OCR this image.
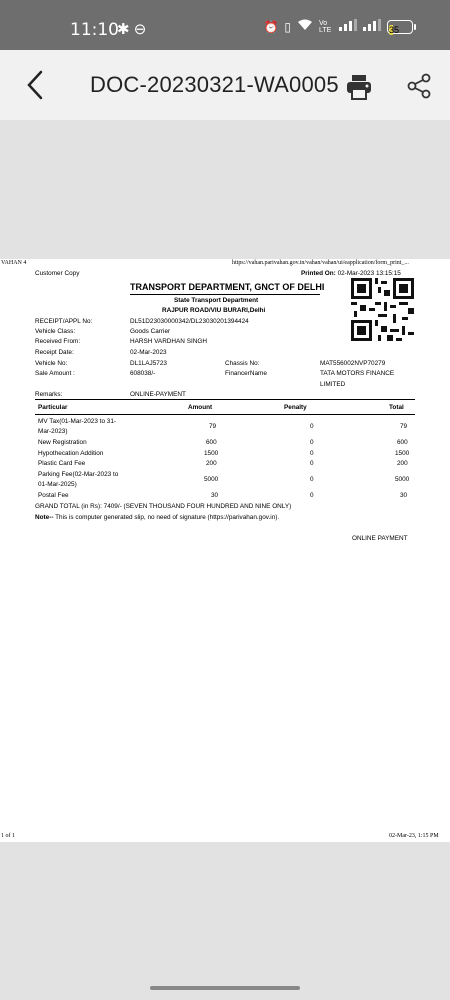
11:10
✱ ⊖	⏰ ▯	Vo LTE	35
DOC-20230321-WA0005
VAHAN 4	https://vahan.parivahan.gov.in/vahan/vahan/ui/eapplication/form_print_...
Customer Copy	Printed On: 02-Mar-2023 13:15:15
TRANSPORT DEPARTMENT, GNCT OF DELHI
State Transport Department
RAJPUR ROAD/VIU BURARI,Delhi
RECEIPT/APPL No:	DL51D23030000342/DL23030201394424
Vehicle Class:	Goods Carrier
Received From:	HARSH VARDHAN SINGH
Receipt Date:	02-Mar-2023
Vehicle No:	DL1LAJ5723	Chassis No:	MAT556002NVP70279
Sale Amount :	608038/-	FinancerName	TATA MOTORS FINANCE
LIMITED
Remarks:	ONLINE-PAYMENT
Particular	Amount	Penalty	Total
MV Tax(01-Mar-2023 to 31-
Mar-2023)
79	0	79
New Registration	600	0	600
Hypothecation Addition	1500	0	1500
Plastic Card Fee	200	0	200
Parking Fee(02-Mar-2023 to
01-Mar-2025)
5000	0	5000
Postal Fee	30	0	30
GRAND TOTAL (in Rs): 7409/- (SEVEN THOUSAND FOUR HUNDRED AND NINE ONLY)
Note-- This is computer generated slip, no need of signature (https://parivahan.gov.in).
ONLINE PAYMENT
1 of 1	02-Mar-23, 1:15 PM
